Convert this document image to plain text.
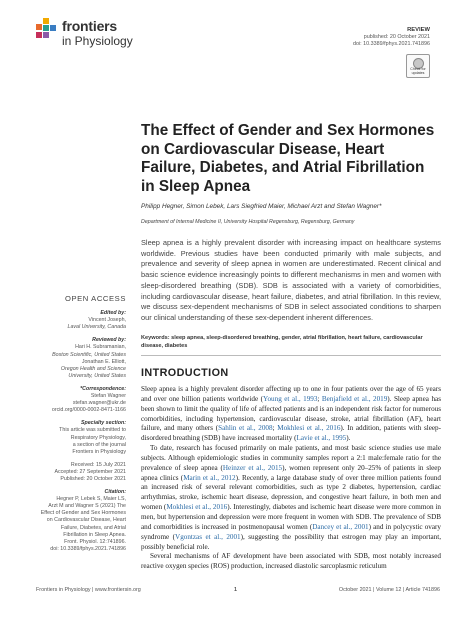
frontiers
in Physiology
REVIEW
published: 20 October 2021
doi: 10.3389/fphys.2021.741896
Check for updates
The Effect of Gender and Sex Hormones on Cardiovascular Disease, Heart Failure, Diabetes, and Atrial Fibrillation in Sleep Apnea
Philipp Hegner, Simon Lebek, Lars Siegfried Maier, Michael Arzt and Stefan Wagner*
Department of Internal Medicine II, University Hospital Regensburg, Regensburg, Germany
Sleep apnea is a highly prevalent disorder with increasing impact on healthcare systems worldwide. Previous studies have been conducted primarily with male subjects, and prevalence and severity of sleep apnea in women are underestimated. Recent clinical and basic science evidence increasingly points to different mechanisms in men and women with sleep-disordered breathing (SDB). SDB is associated with a variety of comorbidities, including cardiovascular disease, heart failure, diabetes, and atrial fibrillation. In this review, we discuss sex-dependent mechanisms of SDB in select associated conditions to sharpen our clinical understanding of these sex-dependent inherent differences.
Keywords: sleep apnea, sleep-disordered breathing, gender, atrial fibrillation, heart failure, cardiovascular disease, diabetes
OPEN ACCESS
Edited by:
Vincent Joseph,
Laval University, Canada
Reviewed by:
Hari H. Subramanian,
Boston Scientific, United States
Jonathan E. Elliott,
Oregon Health and Science
University, United States
*Correspondence:
Stefan Wagner
stefan.wagner@ukr.de
orcid.org/0000-0002-8471-1166
Specialty section:
This article was submitted to
Respiratory Physiology,
a section of the journal
Frontiers in Physiology
Received: 15 July 2021
Accepted: 27 September 2021
Published: 20 October 2021
Citation:
Hegner P, Lebek S, Maier LS,
Arzt M and Wagner S (2021) The
Effect of Gender and Sex Hormones
on Cardiovascular Disease, Heart
Failure, Diabetes, and Atrial
Fibrillation in Sleep Apnea.
Front. Physiol. 12:741896.
doi: 10.3389/fphys.2021.741896
INTRODUCTION

Sleep apnea is a highly prevalent disorder affecting up to one in four patients over the age of 65 years and over one billion patients worldwide (Young et al., 1993; Benjafield et al., 2019). Sleep apnea has been shown to limit the quality of life of affected patients and is an independent risk factor for numerous comorbidities, including hypertension, cardiovascular disease, stroke, atrial fibrillation (AF), heart failure, and many others (Sahlin et al., 2008; Mokhlesi et al., 2016). In addition, patients with sleep-disordered breathing (SDB) have increased mortality (Lavie et al., 1995).

To date, research has focused primarily on male patients, and most basic science studies use male subjects. Although epidemiologic studies in community samples report a 2:1 male:female ratio for the prevalence of sleep apnea (Heinzer et al., 2015), women represent only 20–25% of patients in sleep apnea clinics (Marin et al., 2012). Recently, a large database study of over three million patients found an increased risk of several relevant comorbidities, such as type 2 diabetes, hypertension, cardiac arrhythmias, stroke, ischemic heart disease, depression, and congestive heart failure, in both men and women (Mokhlesi et al., 2016). Interestingly, diabetes and ischemic heart disease were more common in men, but hypertension and depression were more frequent in women with SDB. The prevalence of SDB and comorbidities is increased in postmenopausal women (Dancey et al., 2001) and in polycystic ovary syndrome (Vgontzas et al., 2001), suggesting the possibility that estrogen may play an important, possibly beneficial role.

Several mechanisms of AF development have been associated with SDB, most notably increased reactive oxygen species (ROS) production, increased diastolic sarcoplasmic reticulum

Frontiers in Physiology | www.frontiersin.org	1	October 2021 | Volume 12 | Article 741896
